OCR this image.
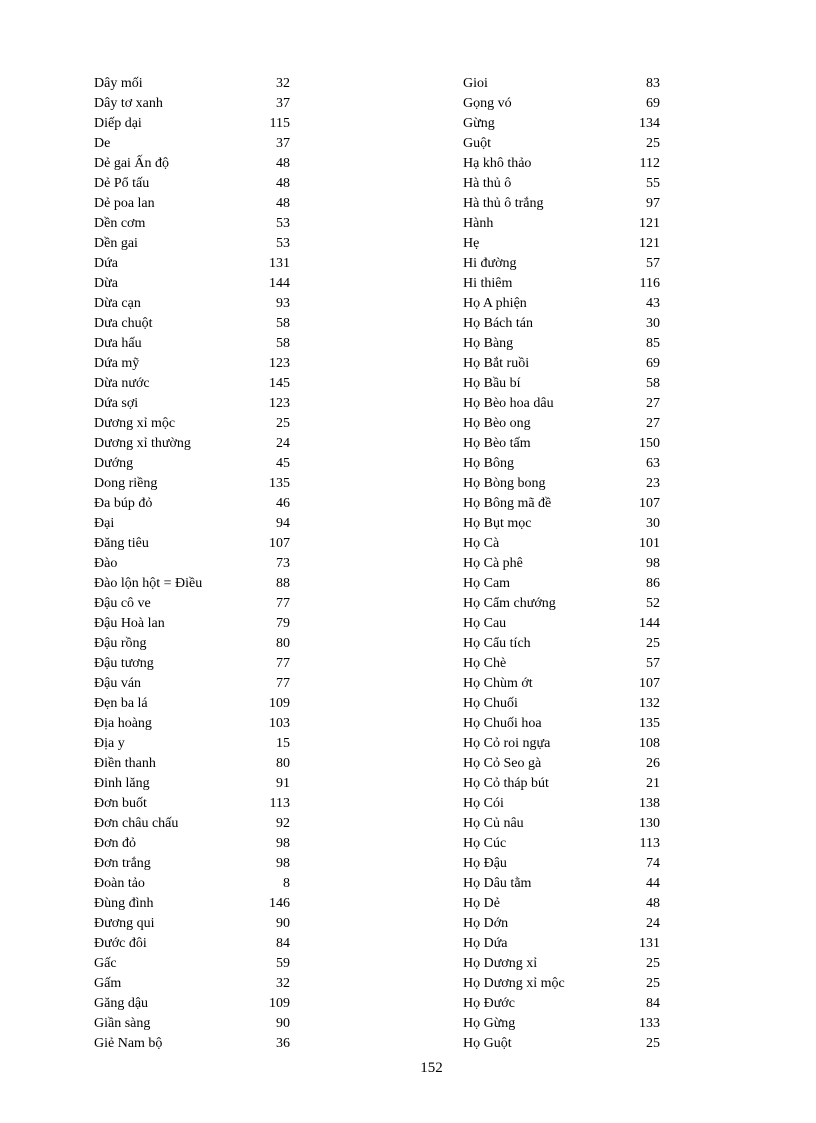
Dây mối	32
Dây tơ xanh	37
Diếp dại	115
De	37
Dẻ gai Ấn độ	48
Dẻ Pổ tấu	48
Dẻ poa lan	48
Dền cơm	53
Dền gai	53
Dứa	131
Dừa	144
Dừa cạn	93
Dưa chuột	58
Dưa hấu	58
Dứa mỹ	123
Dừa nước	145
Dứa sợi	123
Dương xỉ mộc	25
Dương xỉ thường	24
Dướng	45
Dong riềng	135
Đa búp đỏ	46
Đại	94
Đăng tiêu	107
Đào	73
Đào lộn hột = Điều	88
Đậu cô ve	77
Đậu Hoà lan	79
Đậu rồng	80
Đậu tương	77
Đậu ván	77
Đẹn ba lá	109
Địa hoàng	103
Địa y	15
Điền thanh	80
Đinh lăng	91
Đơn buốt	113
Đơn châu chấu	92
Đơn đỏ	98
Đơn trắng	98
Đoàn tảo	8
Đùng đình	146
Đương qui	90
Đước đôi	84
Gấc	59
Gấm	32
Găng dậu	109
Giần sàng	90
Giẻ Nam bộ	36
Gioi	83
Gọng vó	69
Gừng	134
Guột	25
Hạ khô thảo	112
Hà thủ ô	55
Hà thủ ô trắng	97
Hành	121
Hẹ	121
Hi đường	57
Hi thiêm	116
Họ A phiện	43
Họ Bách tán	30
Họ Bàng	85
Họ Bắt ruồi	69
Họ Bầu bí	58
Họ Bèo hoa dâu	27
Họ Bèo ong	27
Họ Bèo tấm	150
Họ Bông	63
Họ Bòng bong	23
Họ Bông mã đề	107
Họ Bụt mọc	30
Họ Cà	101
Họ Cà phê	98
Họ Cam	86
Họ Cẩm chướng	52
Họ Cau	144
Họ Cẩu tích	25
Họ Chè	57
Họ Chùm ớt	107
Họ Chuối	132
Họ Chuối hoa	135
Họ Cỏ roi ngựa	108
Họ Cỏ Seo gà	26
Họ Cỏ tháp bút	21
Họ Cói	138
Họ Củ nâu	130
Họ Cúc	113
Họ Đậu	74
Họ Dâu tằm	44
Họ Dẻ	48
Họ Dớn	24
Họ Dứa	131
Họ Dương xỉ	25
Họ Dương xỉ mộc	25
Họ Đước	84
Họ Gừng	133
Họ Guột	25
152
